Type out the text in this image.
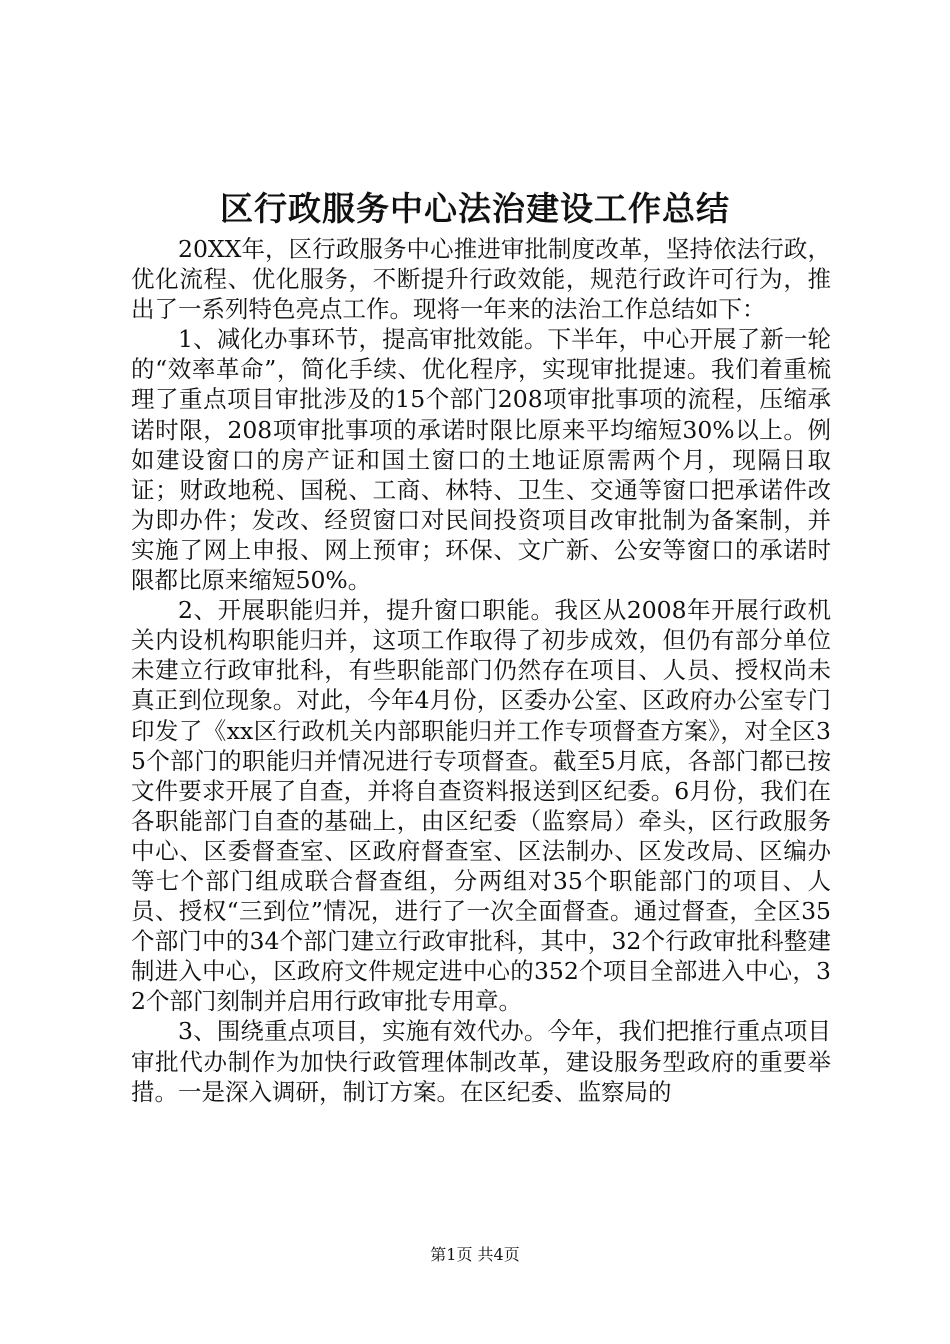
区行政服务中心法治建设工作总结

20XX年，区行政服务中心推进审批制度改革，坚持依法行政，优化流程、优化服务，不断提升行政效能，规范行政许可行为，推出了一系列特色亮点工作。现将一年来的法治工作总结如下：

1、减化办事环节，提高审批效能。下半年，中心开展了新一轮的“效率革命”，简化手续、优化程序，实现审批提速。我们着重梳理了重点项目审批涉及的15个部门208项审批事项的流程，压缩承诺时限，208项审批事项的承诺时限比原来平均缩短30%以上。例如建设窗口的房产证和国土窗口的土地证原需两个月，现隔日取证；财政地税、国税、工商、林特、卫生、交通等窗口把承诺件改为即办件；发改、经贸窗口对民间投资项目改审批制为备案制，并实施了网上申报、网上预审；环保、文广新、公安等窗口的承诺时限都比原来缩短50%。

2、开展职能归并，提升窗口职能。我区从2008年开展行政机关内设机构职能归并，这项工作取得了初步成效，但仍有部分单位未建立行政审批科，有些职能部门仍然存在项目、人员、授权尚未真正到位现象。对此，今年4月份，区委办公室、区政府办公室专门印发了《xx区行政机关内部职能归并工作专项督查方案》，对全区35个部门的职能归并情况进行专项督查。截至5月底，各部门都已按文件要求开展了自查，并将自查资料报送到区纪委。6月份，我们在各职能部门自查的基础上，由区纪委（监察局）牵头，区行政服务中心、区委督查室、区政府督查室、区法制办、区发改局、区编办等七个部门组成联合督查组，分两组对35个职能部门的项目、人员、授权“三到位”情况，进行了一次全面督查。通过督查，全区35个部门中的34个部门建立行政审批科，其中，32个行政审批科整建制进入中心，区政府文件规定进中心的352个项目全部进入中心，32个部门刻制并启用行政审批专用章。

3、围绕重点项目，实施有效代办。今年，我们把推行重点项目审批代办制作为加快行政管理体制改革，建设服务型政府的重要举措。一是深入调研，制订方案。在区纪委、监察局的

第1页 共4页
